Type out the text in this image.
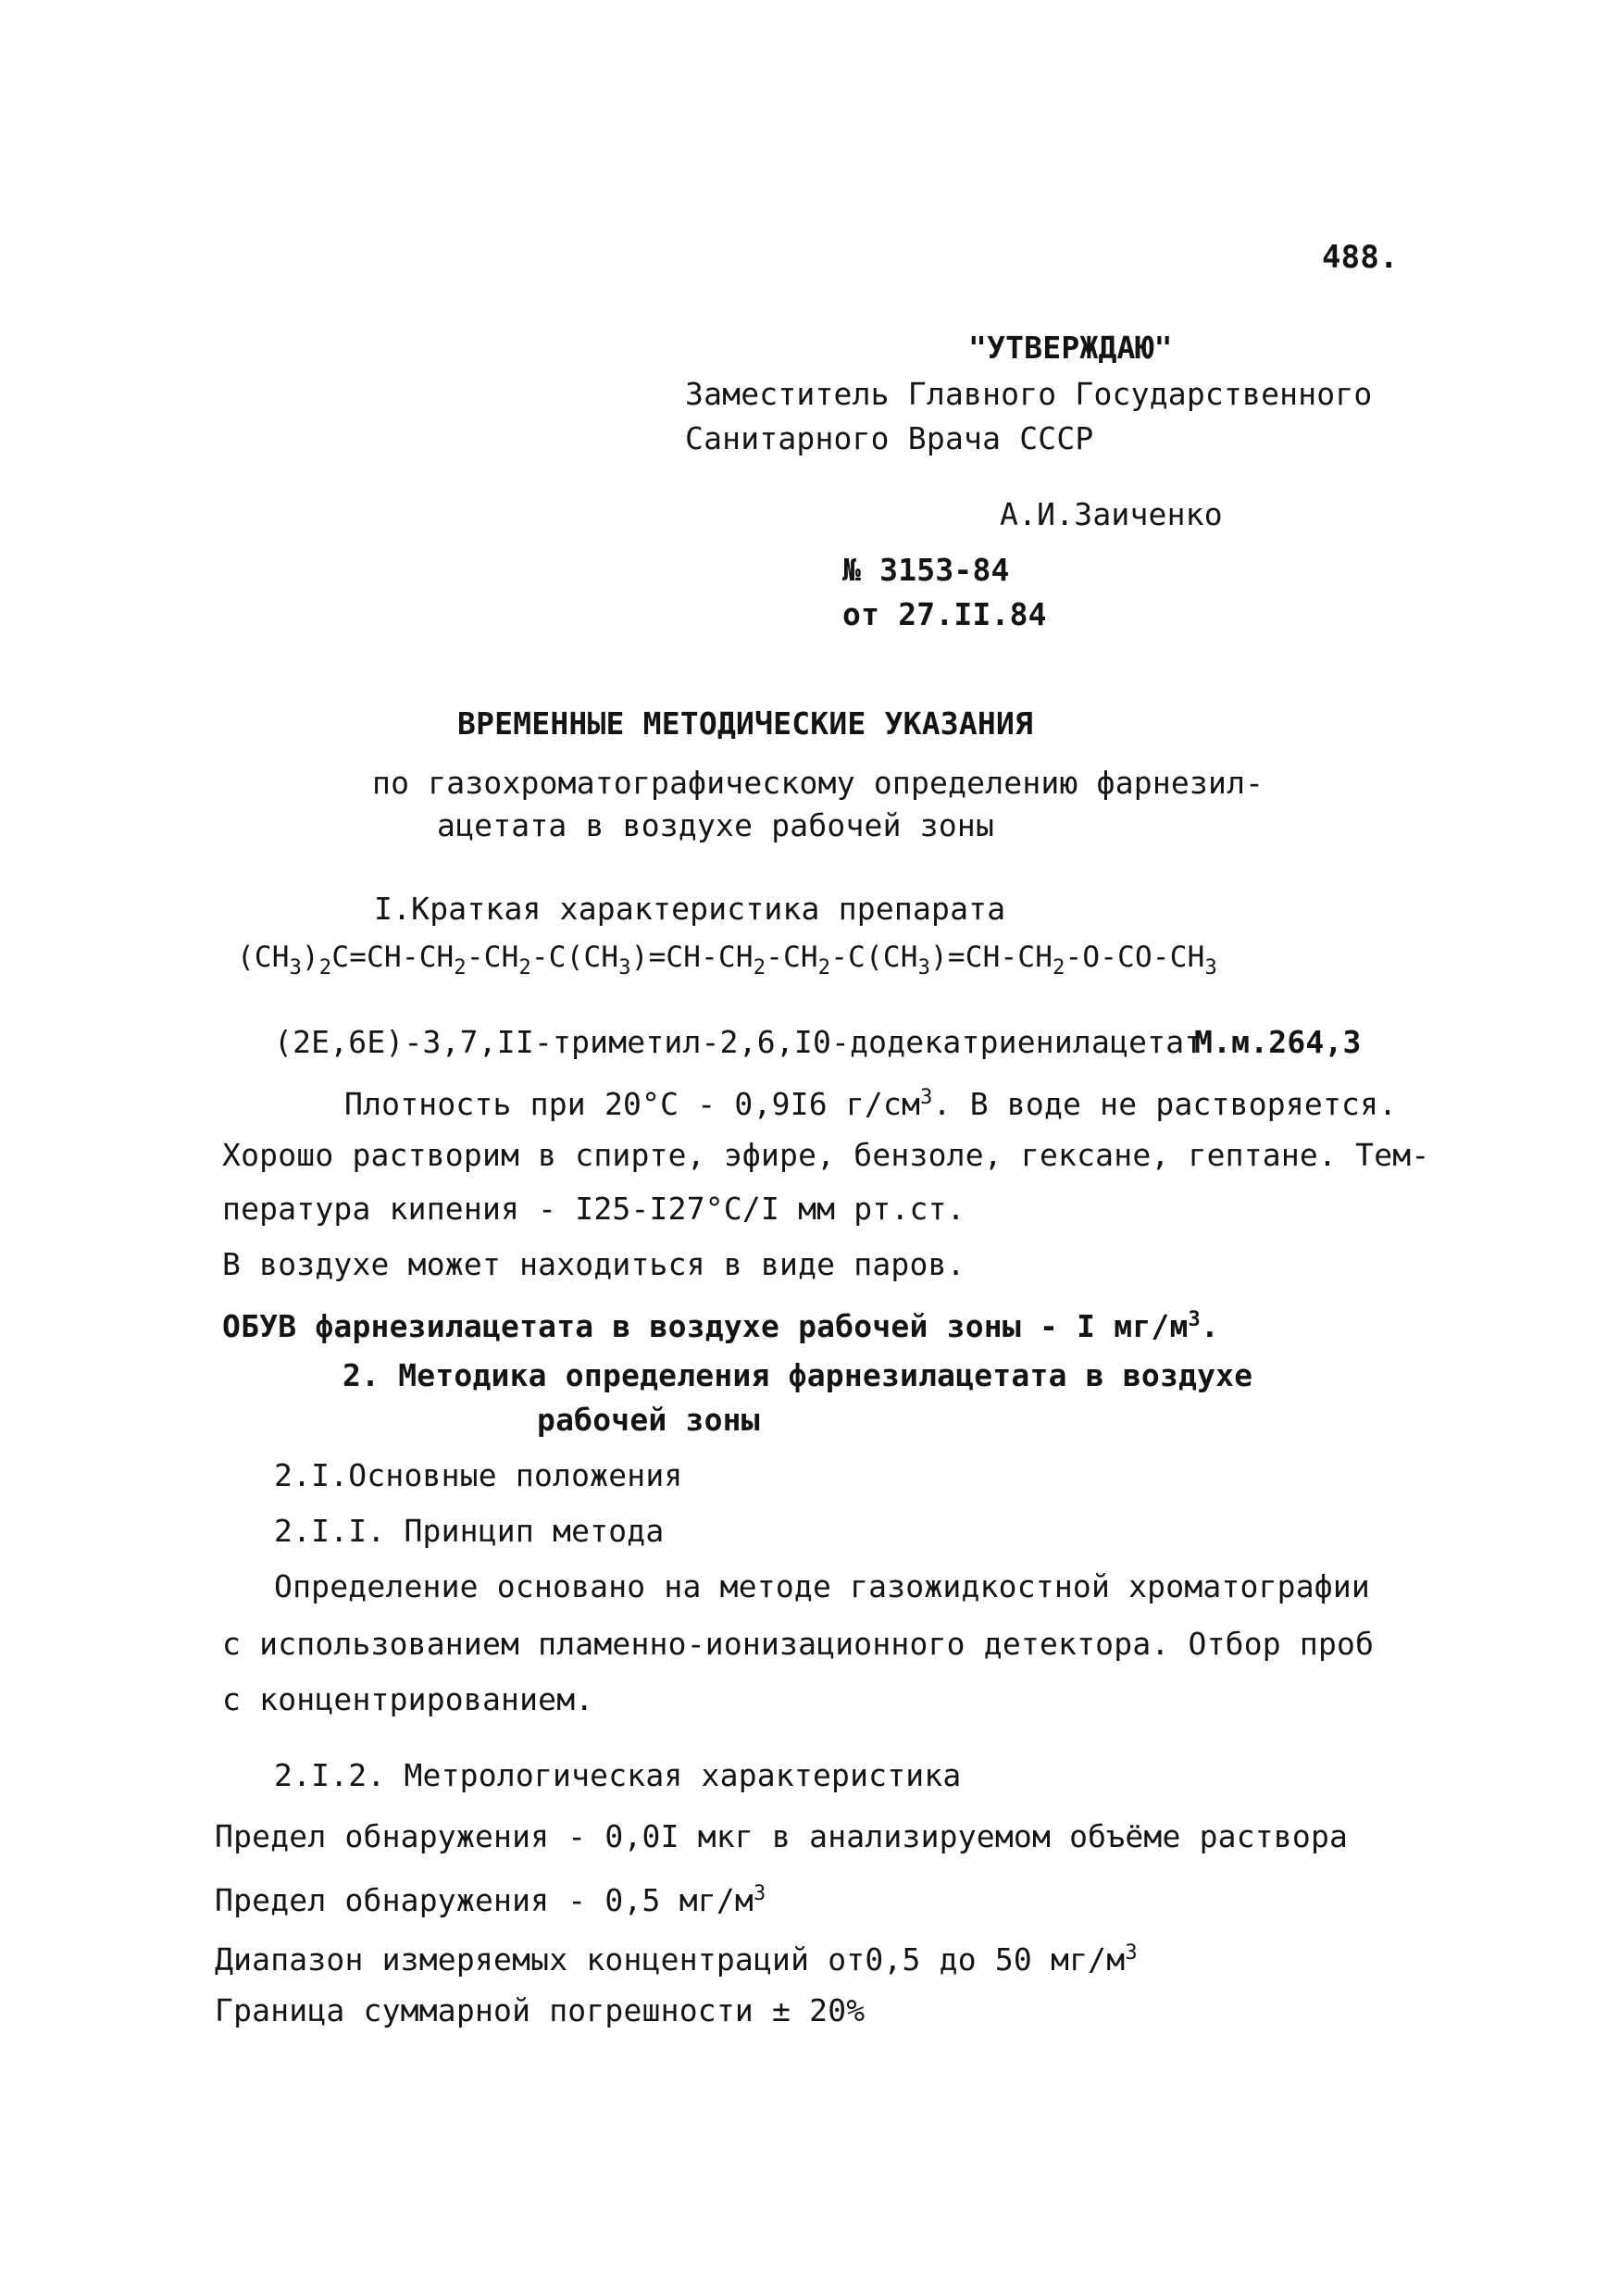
488.
"УТВЕРЖДАЮ"
Заместитель Главного Государственного
Санитарного Врача СССР
А.И.Заиченко
№ 3153-84
от 27.II.84
ВРЕМЕННЫЕ МЕТОДИЧЕСКИЕ УКАЗАНИЯ
по газохроматографическому определению фарнезил-
ацетата в воздухе рабочей зоны
I.Краткая характеристика препарата
$(CH_3)_2C=CH-CH_2-CH_2-C(CH_3)=CH-CH_2-CH_2-C(CH_3)=CH-CH_2-O-CO-CH_3$
(2E,6E)-3,7,II-триметил-2,6,I0-додекатриенилацетат
М.м.264,3
Плотность при 20°С - 0,9I6 $г/см^3$. В воде не растворяется.
Хорошо растворим в спирте, эфире, бензоле, гексане, гептане. Тем-
пература кипения - I25-I27°С/I мм рт.ст.
В воздухе может находиться в виде паров.
ОБУВ фарнезилацетата в воздухе рабочей зоны - I $мг/м^3$.
2. Методика определения фарнезилацетата в воздухе
рабочей зоны
2.I.Основные положения
2.I.I. Принцип метода
Определение основано на методе газожидкостной хроматографии
с использованием пламенно-ионизационного детектора. Отбор проб
с концентрированием.
2.I.2. Метрологическая характеристика
Предел обнаружения - 0,0I мкг в анализируемом объёме раствора
Предел обнаружения - 0,5 $мг/м^3$
Диапазон измеряемых концентраций от0,5 до 50 $мг/м^3$
Граница суммарной погрешности ± 20%
